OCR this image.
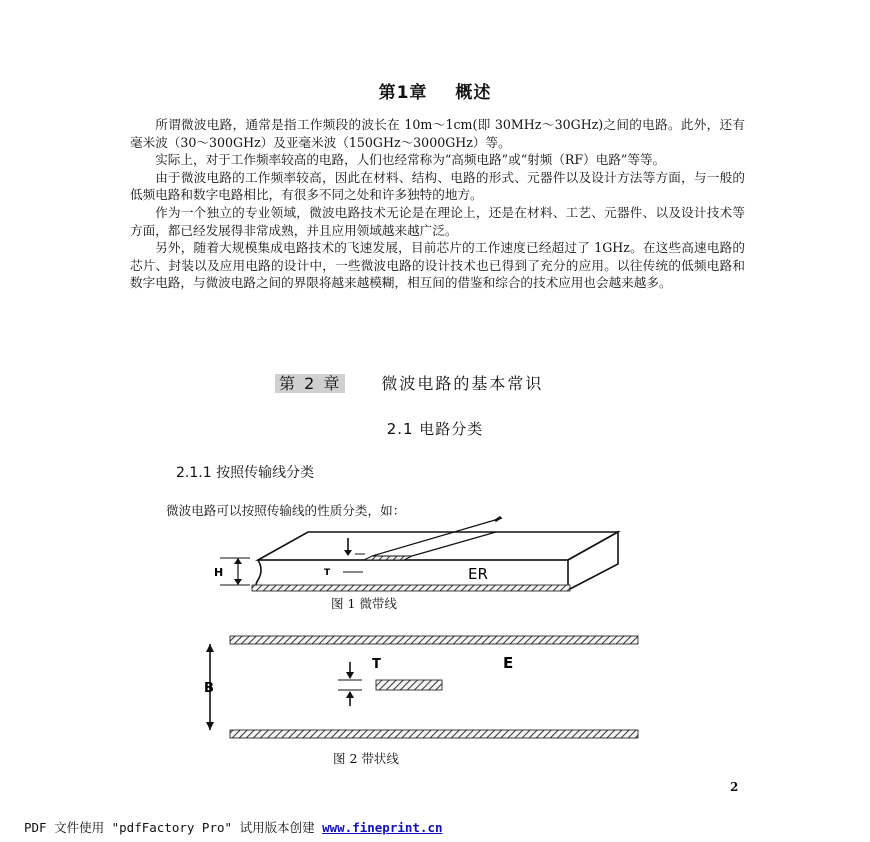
第1章 概述

所谓微波电路，通常是指工作频段的波长在 10m～1cm(即 30MHz～30GHz)之间的电路。此外，还有毫米波（30～300GHz）及亚毫米波（150GHz～3000GHz）等。

实际上，对于工作频率较高的电路，人们也经常称为“高频电路”或“射频（RF）电路”等等。

由于微波电路的工作频率较高，因此在材料、结构、电路的形式、元器件以及设计方法等方面，与一般的低频电路和数字电路相比，有很多不同之处和许多独特的地方。

作为一个独立的专业领域，微波电路技术无论是在理论上，还是在材料、工艺、元器件、以及设计技术等方面，都已经发展得非常成熟，并且应用领域越来越广泛。

另外，随着大规模集成电路技术的飞速发展，目前芯片的工作速度已经超过了 1GHz。在这些高速电路的芯片、封装以及应用电路的设计中，一些微波电路的设计技术也已得到了充分的应用。以往传统的低频电路和数字电路，与微波电路之间的界限将越来越模糊，相互间的借鉴和综合的技术应用也会越来越多。

第 2 章	微波电路的基本常识
2.1 电路分类
2.1.1 按照传输线分类
微波电路可以按照传输线的性质分类，如：
H	T	ER
图 1 微带线
B
T	E
图 2 带状线
2
PDF 文件使用 "pdfFactory Pro" 试用版本创建 www.fineprint.cn
